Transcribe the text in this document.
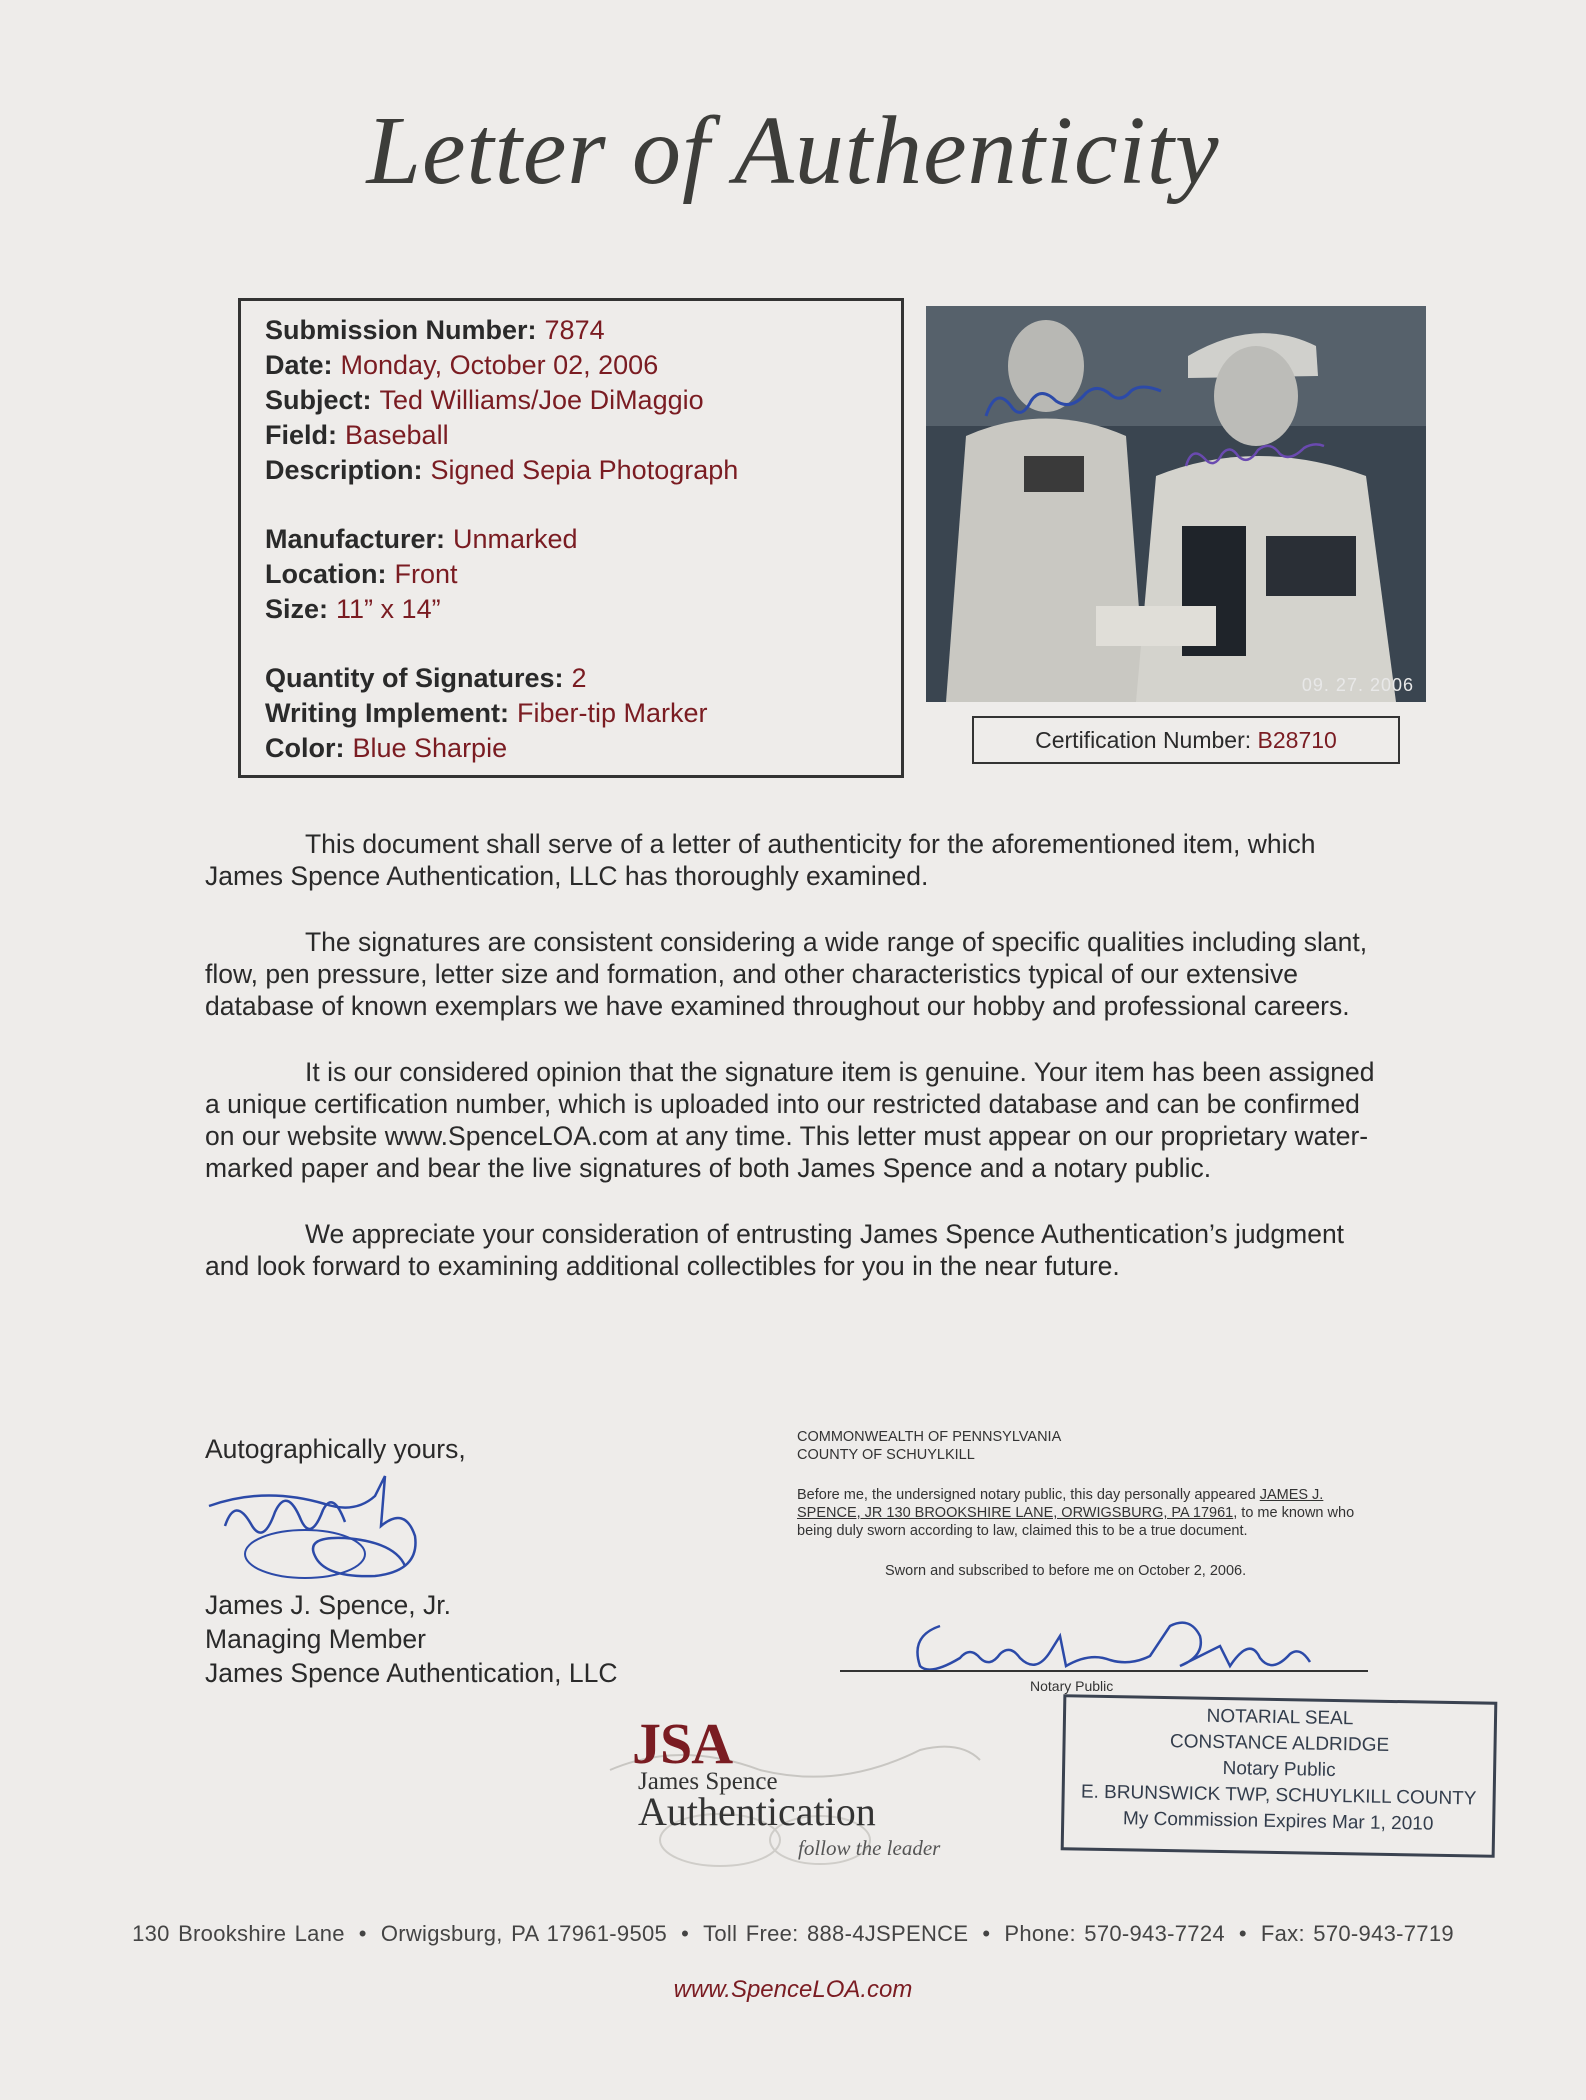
Letter of Authenticity
Submission Number: 7874
Date: Monday, October 02, 2006
Subject: Ted Williams/Joe DiMaggio
Field: Baseball
Description: Signed Sepia Photograph
Manufacturer: Unmarked
Location: Front
Size: 11” x 14”
Quantity of Signatures: 2
Writing Implement: Fiber-tip Marker
Color: Blue Sharpie
09. 27. 2006
Certification Number: B28710

This document shall serve of a letter of authenticity for the aforementioned item, which James Spence Authentication, LLC has thoroughly examined.

The signatures are consistent considering a wide range of specific qualities including slant, flow, pen pressure, letter size and formation, and other characteristics typical of our extensive database of known exemplars we have examined throughout our hobby and professional careers.

It is our considered opinion that the signature item is genuine. Your item has been assigned a unique certification number, which is uploaded into our restricted database and can be confirmed on our website www.SpenceLOA.com at any time. This letter must appear on our proprietary water-marked paper and bear the live signatures of both James Spence and a notary public.

We appreciate your consideration of entrusting James Spence Authentication’s judgment and look forward to examining additional collectibles for you in the near future.

Autographically yours,
James J. Spence, Jr.
Managing Member
James Spence Authentication, LLC
COMMONWEALTH OF PENNSYLVANIA
COUNTY OF SCHUYLKILL
Before me, the undersigned notary public, this day personally appeared JAMES J. SPENCE, JR 130 BROOKSHIRE LANE, ORWIGSBURG, PA 17961, to me known who being duly sworn according to law, claimed this to be a true document.
Sworn and subscribed to before me on October 2, 2006.
Notary Public
NOTARIAL SEAL
CONSTANCE ALDRIDGE
Notary Public
E. BRUNSWICK TWP, SCHUYLKILL COUNTY
My Commission Expires Mar 1, 2010
JSA
James Spence
Authentication
follow the leader
130 Brookshire Lane • Orwigsburg, PA 17961-9505 • Toll Free: 888-4JSPENCE • Phone: 570-943-7724 • Fax: 570-943-7719
www.SpenceLOA.com
